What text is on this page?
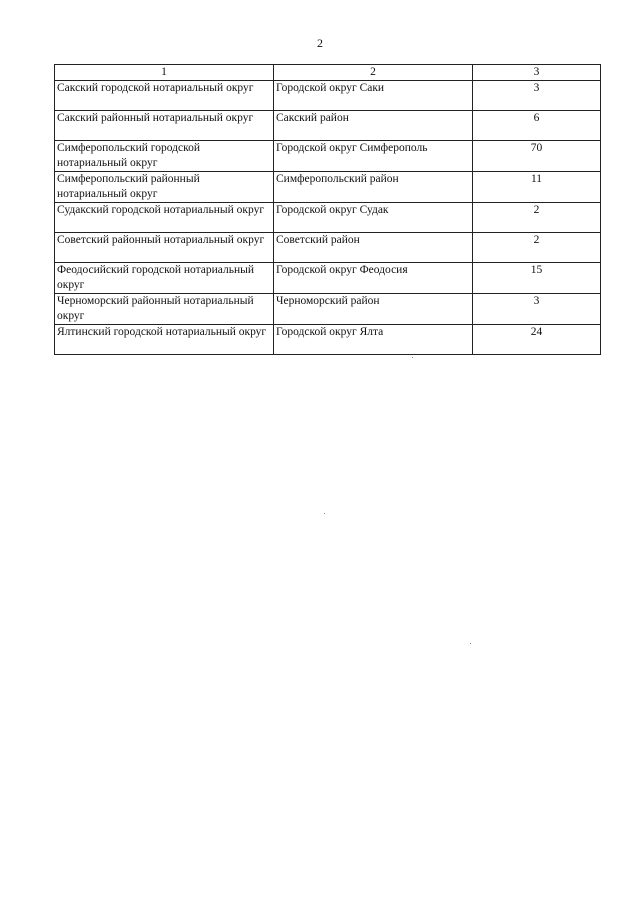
2
1	2	3
Сакский городской нотариальный округ	Городской округ Саки	3
Сакский районный нотариальный округ	Сакский район	6
Симферопольский городской нотариальный округ	Городской округ Симферополь	70
Симферопольский районный нотариальный округ	Симферопольский район	11
Судакский городской нотариальный округ	Городской округ Судак	2
Советский районный нотариальный округ	Советский район	2
Феодосийский городской нотариальный округ	Городской округ Феодосия	15
Черноморский районный нотариальный округ	Черноморский район	3
Ялтинский городской нотариальный округ	Городской округ Ялта	24
